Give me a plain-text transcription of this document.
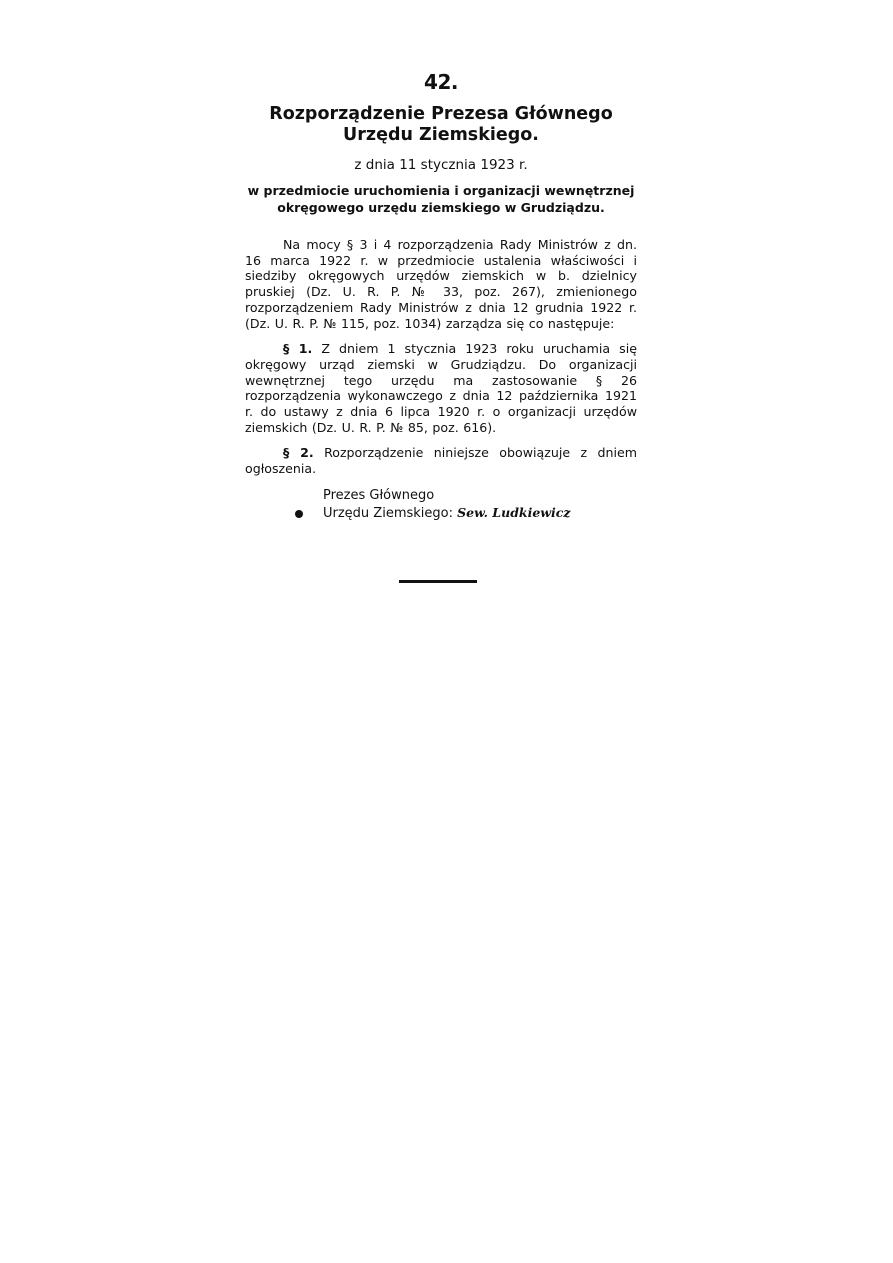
42.
Rozporządzenie Prezesa Głównego Urzędu Ziemskiego.
z dnia 11 stycznia 1923 r.
w przedmiocie uruchomienia i organizacji wewnętrznej okręgowego urzędu ziemskiego w Grudziądzu.

Na mocy § 3 i 4 rozporządzenia Rady Ministrów z dn. 16 marca 1922 r. w przedmiocie ustalenia właściwości i siedziby okręgowych urzędów ziemskich w b. dzielnicy pruskiej (Dz. U. R. P. № 33, poz. 267), zmienionego rozporządzeniem Rady Ministrów z dnia 12 grudnia 1922 r. (Dz. U. R. P. № 115, poz. 1034) zarządza się co następuje:

§ 1. Z dniem 1 stycznia 1923 roku uruchamia się okręgowy urząd ziemski w Grudziądzu. Do organizacji wewnętrznej tego urzędu ma zastosowanie § 26 rozporządzenia wykonawczego z dnia 12 października 1921 r. do ustawy z dnia 6 lipca 1920 r. o organizacji urzędów ziemskich (Dz. U. R. P. № 85, poz. 616).

§ 2. Rozporządzenie niniejsze obowiązuje z dniem ogłoszenia.

Prezes Głównego
Urzędu Ziemskiego: Sew. Ludkiewicz
